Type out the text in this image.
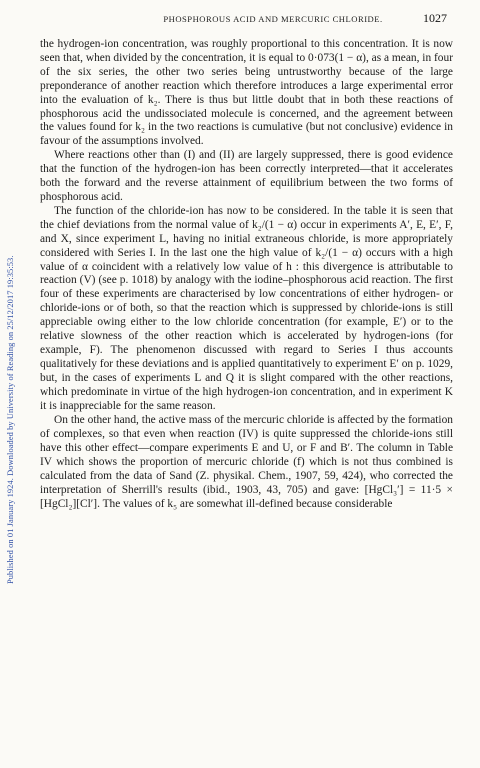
PHOSPHOROUS ACID AND MERCURIC CHLORIDE.	1027
Published on 01 January 1924. Downloaded by University of Reading on 25/12/2017 19:35:53.

the hydrogen-ion concentration, was roughly proportional to this concentration. It is now seen that, when divided by the concentration, it is equal to 0·073(1 − α), as a mean, in four of the six series, the other two series being untrustworthy because of the large preponderance of another reaction which therefore introduces a large experimental error into the evaluation of k₂. There is thus but little doubt that in both these reactions of phosphorous acid the undissociated molecule is concerned, and the agreement between the values found for k₂ in the two reactions is cumulative (but not conclusive) evidence in favour of the assumptions involved.

Where reactions other than (I) and (II) are largely suppressed, there is good evidence that the function of the hydrogen-ion has been correctly interpreted—that it accelerates both the forward and the reverse attainment of equilibrium between the two forms of phosphorous acid.

The function of the chloride-ion has now to be considered. In the table it is seen that the chief deviations from the normal value of k₂/(1 − α) occur in experiments A′, E, E′, F, and X, since experiment L, having no initial extraneous chloride, is more appropriately considered with Series I. In the last one the high value of k₂/(1 − α) occurs with a high value of α coincident with a relatively low value of h : this divergence is attributable to reaction (V) (see p. 1018) by analogy with the iodine–phosphorous acid reaction. The first four of these experiments are characterised by low concentrations of either hydrogen- or chloride-ions or of both, so that the reaction which is suppressed by chloride-ions is still appreciable owing either to the low chloride concentration (for example, E′) or to the relative slowness of the other reaction which is accelerated by hydrogen-ions (for example, F). The phenomenon discussed with regard to Series I thus accounts qualitatively for these deviations and is applied quantitatively to experiment E′ on p. 1029, but, in the cases of experiments L and Q it is slight compared with the other reactions, which predominate in virtue of the high hydrogen-ion concentration, and in experiment K it is inappreciable for the same reason.

On the other hand, the active mass of the mercuric chloride is affected by the formation of complexes, so that even when reaction (IV) is quite suppressed the chloride-ions still have this other effect—compare experiments E and U, or F and B′. The column in Table IV which shows the proportion of mercuric chloride (f) which is not thus combined is calculated from the data of Sand (Z. physikal. Chem., 1907, 59, 424), who corrected the interpretation of Sherrill's results (ibid., 1903, 43, 705) and gave: [HgCl₃′] = 11·5 × [HgCl₂][Cl′]. The values of k₅ are somewhat ill-defined because considerable
